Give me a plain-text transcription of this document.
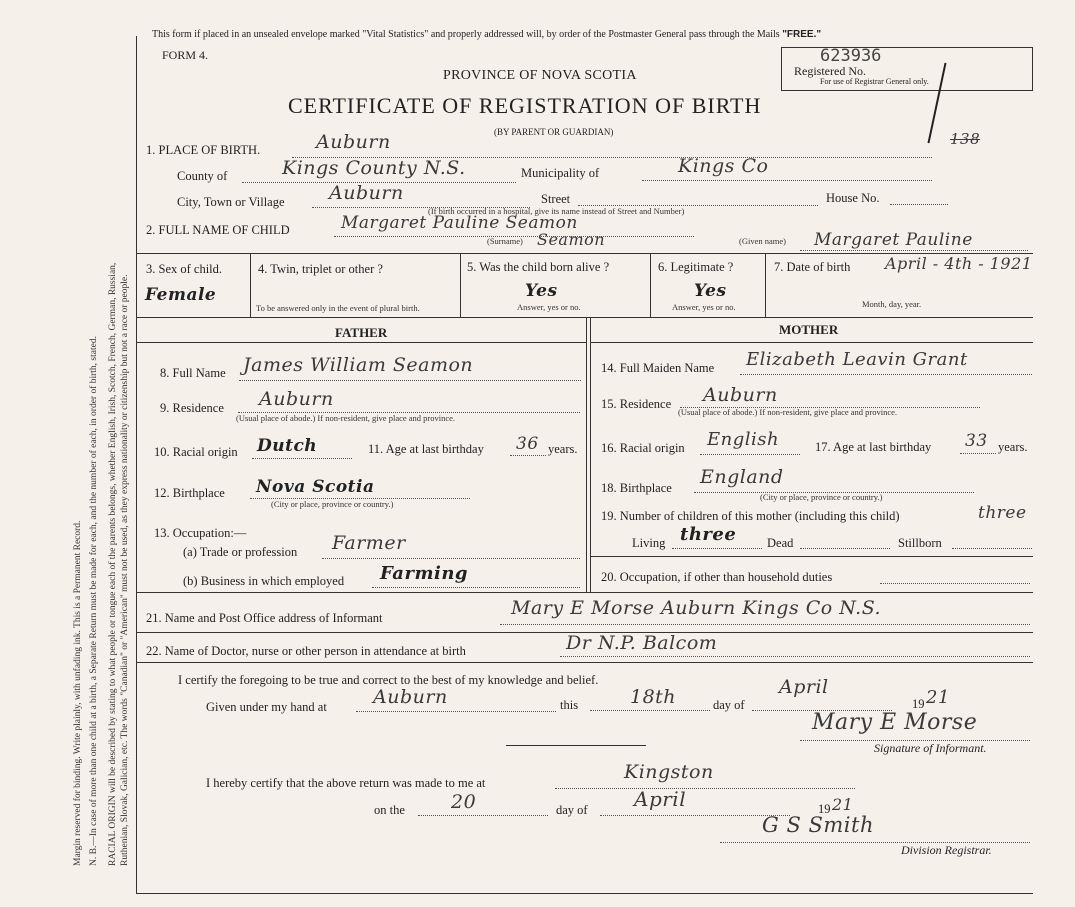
Margin reserved for binding. Write plainly, with unfading ink. This is a Permanent Record. N. B.—In case of more than one child at a birth, a Separate Return must be made for each, and the number of each, in order of birth, stated. RACIAL ORIGIN will be described by stating to what people or tongue each of the parents belongs, whether English, Irish, Scotch, French, German, Russian, Ruthenian, Slovak, Galician, etc. The words "Canadian" or "American" must not be used, as they express nationality or citizenship but not a race or people.
This form if placed in an unsealed envelope marked "Vital Statistics" and properly addressed will, by order of the Postmaster General pass through the Mails "FREE."
FORM 4.
PROVINCE OF NOVA SCOTIA
CERTIFICATE OF REGISTRATION OF BIRTH
(BY PARENT OR GUARDIAN)
623936
Registered No.
For use of Registrar General only.
138
1. PLACE OF BIRTH.	Auburn
County of	Kings County N.S.	Municipality of	Kings Co
City, Town or Village Auburn	Street	House No.
(If birth occurred in a hospital, give its name instead of Street and Number)
2. FULL NAME OF CHILD	Margaret Pauline Seamon
(Surname) Seamon	(Given name) Margaret Pauline
3. Sex of child.
Female
4. Twin, triplet or other ?
To be answered only in the event of plural birth.
5. Was the child born alive ?
Yes
Answer, yes or no.
6. Legitimate ?
Yes
Answer, yes or no.
7. Date of birth April - 4th - 1921
Month, day, year.
FATHER	MOTHER
8. Full Name James William Seamon
9. Residence Auburn
(Usual place of abode.) If non-resident, give place and province.
10. Racial origin Dutch	11. Age at last birthday 36 years.
12. Birthplace Nova Scotia
(City or place, province or country.)
13. Occupation:—
(a) Trade or profession Farmer
(b) Business in which employed Farming
14. Full Maiden Name Elizabeth Leavin Grant
15. Residence Auburn
(Usual place of abode.) If non-resident, give place and province.
16. Racial origin English	17. Age at last birthday 33 years.
18. Birthplace England
(City or place, province or country.)
19. Number of children of this mother (including this child)	three
Living three Dead	Stillborn
20. Occupation, if other than household duties
21. Name and Post Office address of Informant	Mary E Morse Auburn Kings Co N.S.
22. Name of Doctor, nurse or other person in attendance at birth	Dr N.P. Balcom
I certify the foregoing to be true and correct to the best of my knowledge and belief.
Given under my hand at Auburn	this	18th	day of
April
19 21
Mary E Morse
Signature of Informant.
I hereby certify that the above return was made to me at	Kingston
on the 20	day of April	19 21
G S Smith
Division Registrar.
